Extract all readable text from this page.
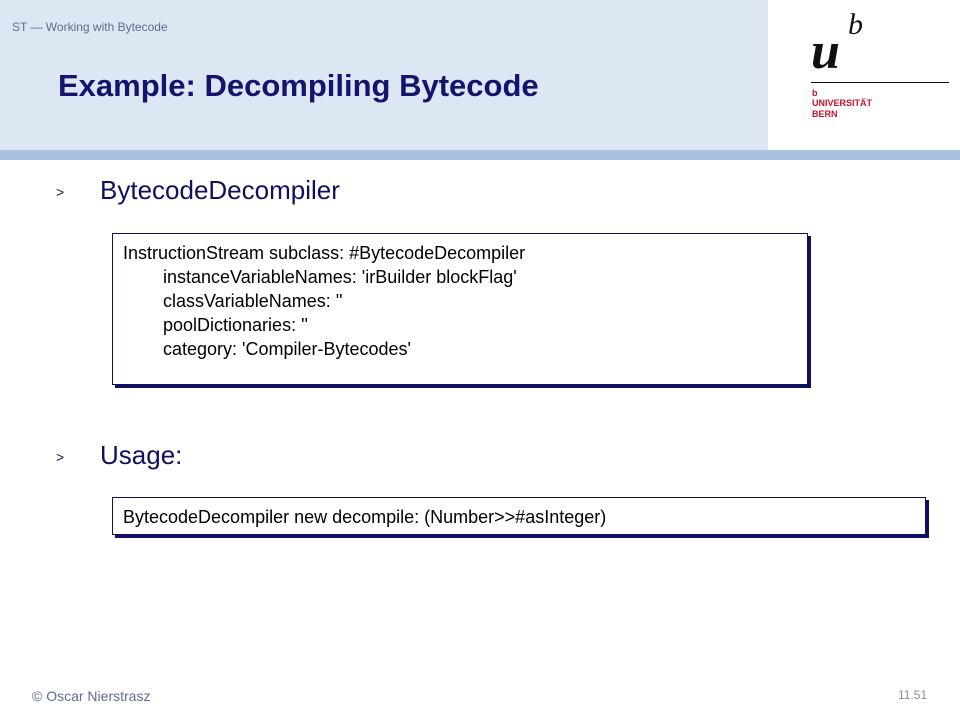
ST — Working with Bytecode
Example: Decompiling Bytecode
u b
b
UNIVERSITÄT
BERN
> BytecodeDecompiler
InstructionStream subclass: #BytecodeDecompiler
instanceVariableNames: 'irBuilder blockFlag'
classVariableNames: ''
poolDictionaries: ''
category: 'Compiler-Bytecodes'
> Usage:
BytecodeDecompiler new decompile: (Number>>#asInteger)
© Oscar Nierstrasz	11.51
